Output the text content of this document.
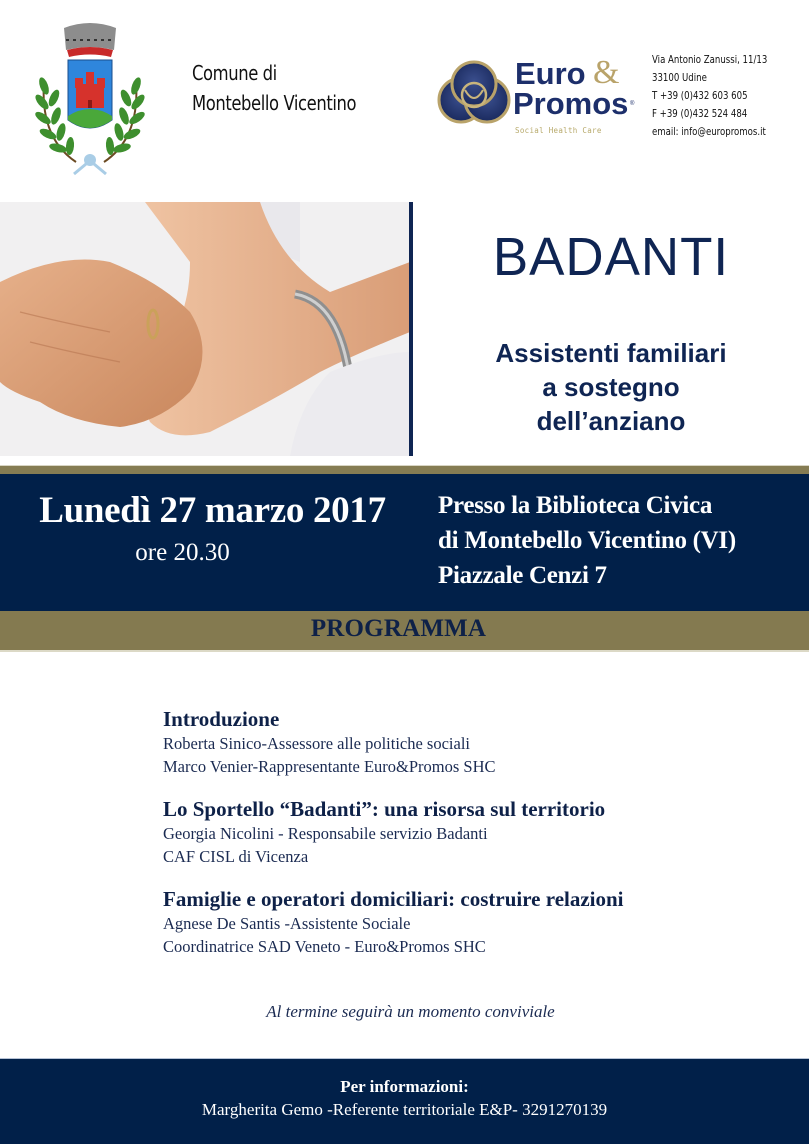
Comune di
Montebello Vicentino
Euro &
Promos ®
Social Health Care
Via Antonio Zanussi, 11/13
33100 Udine
T +39 (0)432 603 605
F +39 (0)432 524 484
email: info@europromos.it
BADANTI
Assistenti familiari
a sostegno
dell’anziano
Lunedì 27 marzo 2017
ore 20.30
Presso la Biblioteca Civica
di Montebello Vicentino (VI)
Piazzale Cenzi 7
PROGRAMMA
Introduzione
Roberta Sinico-Assessore alle politiche sociali
Marco Venier-Rappresentante Euro&Promos SHC
Lo Sportello “Badanti”: una risorsa sul territorio
Georgia Nicolini - Responsabile servizio Badanti
CAF CISL di Vicenza
Famiglie e operatori domiciliari: costruire relazioni
Agnese De Santis -Assistente Sociale
Coordinatrice SAD Veneto - Euro&Promos SHC
Al termine seguirà un momento conviviale
Per informazioni:
Margherita Gemo -Referente territoriale E&P- 3291270139
